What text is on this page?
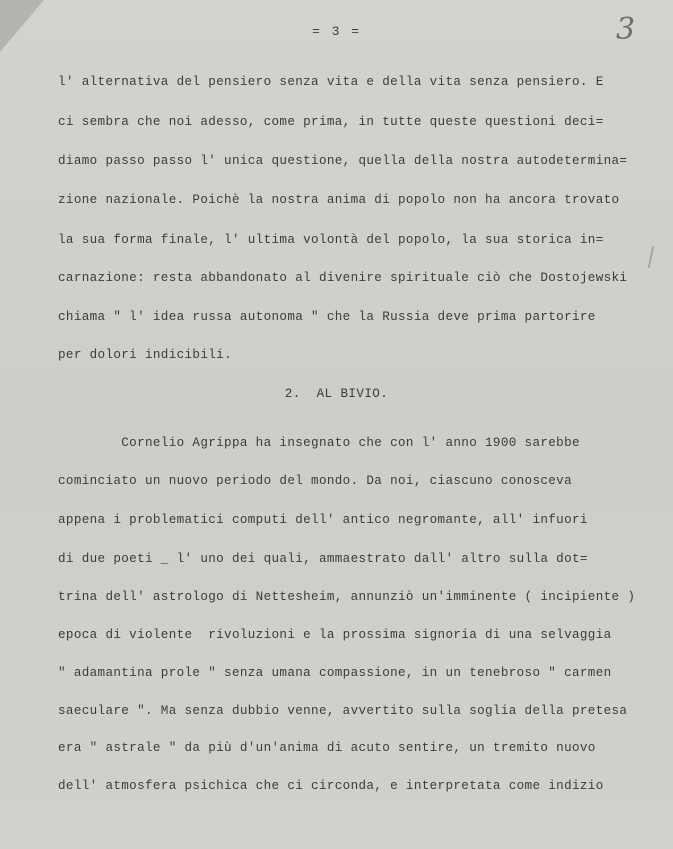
= 3 =	3
l' alternativa del pensiero senza vita e della vita senza pensiero. E
ci sembra che noi adesso, come prima, in tutte queste questioni deci=
diamo passo passo l' unica questione, quella della nostra autodetermina=
zione nazionale. Poichè la nostra anima di popolo non ha ancora trovato
la sua forma finale, l' ultima volontà del popolo, la sua storica in=
carnazione: resta abbandonato al divenire spirituale ciò che Dostojewski
chiama " l' idea russa autonoma " che la Russia deve prima partorire
per dolori indicibili.
2.  AL BIVIO.
Cornelio Agrippa ha insegnato che con l' anno 1900 sarebbe
cominciato un nuovo periodo del mondo. Da noi, ciascuno conosceva
appena i problematici computi dell' antico negromante, all' infuori
di due poeti _ l' uno dei quali, ammaestrato dall' altro sulla dot=
trina dell' astrologo di Nettesheim, annunziò un'imminente ( incipiente )
epoca di violente  rivoluzioni e la prossima signoria di una selvaggia
" adamantina prole " senza umana compassione, in un tenebroso " carmen
saeculare ". Ma senza dubbio venne, avvertito sulla soglia della pretesa
era " astrale " da più d'un'anima di acuto sentire, un tremito nuovo
dell' atmosfera psichica che ci circonda, e interpretata come indizio
